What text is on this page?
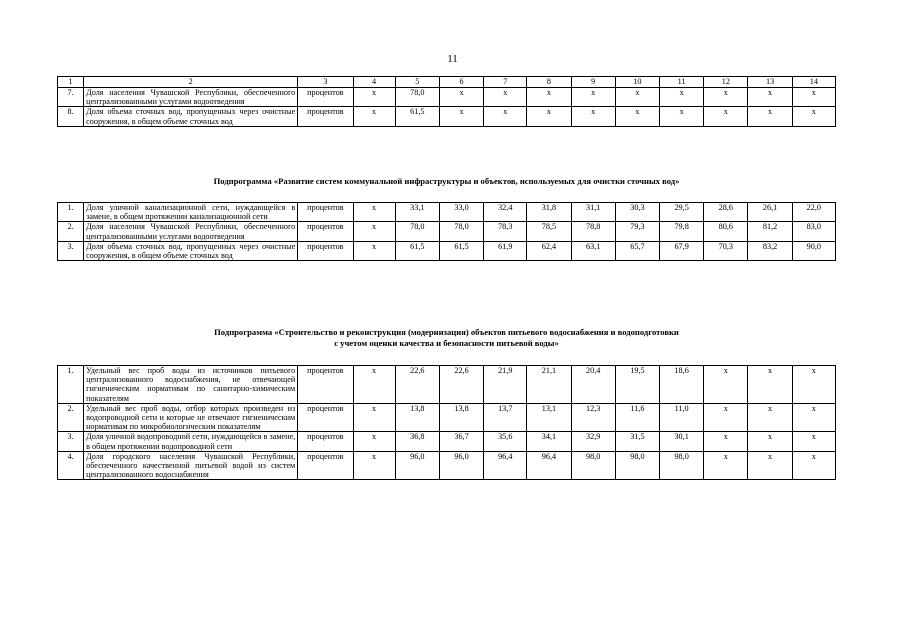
11
1	2	3	4	5	6	7	8	9	10	11	12	13	14
7.	Доля населения Чувашской Республики, обеспеченного централизованными услугами водоотведения	процентов	x	78,0	x	x	x	x	x	x	x	x	x
8.	Доля объема сточных вод, пропущенных через очистные сооружения, в общем объеме сточных вод	процентов	x	61,5	x	x	x	x	x	x	x	x	x
Подпрограмма «Развитие систем коммунальной инфраструктуры и объектов, используемых для очистки сточных вод»
1.	Доля уличной канализационной сети, нуждающейся в замене, в общем протяжении канализационной сети	процентов	x	33,1	33,0	32,4	31,8	31,1	30,3	29,5	28,6	26,1	22,0
2.	Доля населения Чувашской Республики, обеспеченного централизованными услугами водоотведения	процентов	x	78,0	78,0	78,3	78,5	78,8	79,3	79,8	80,6	81,2	83,0
3.	Доля объема сточных вод, пропущенных через очистные сооружения, в общем объеме сточных вод	процентов	x	61,5	61,5	61,9	62,4	63,1	65,7	67,9	70,3	83,2	90,0
Подпрограмма «Строительство и реконструкция (модернизация) объектов питьевого водоснабжения и водоподготовки
с учетом оценки качества и безопасности питьевой воды»
1.	Удельный вес проб воды из источников питьевого централизованного водоснабжения, не отвечающей гигиеническим нормативам по санитарно-химическим показателям	процентов	x	22,6	22,6	21,9	21,1	20,4	19,5	18,6	x	x	x
2.	Удельный вес проб воды, отбор которых произведен из водопроводной сети и которые не отвечают гигиеническим нормативам по микробиологическим показателям	процентов	x	13,8	13,8	13,7	13,1	12,3	11,6	11,0	x	x	x
3.	Доля уличной водопроводной сети, нуждающейся в замене, в общем протяжении водопроводной сети	процентов	x	36,8	36,7	35,6	34,1	32,9	31,5	30,1	x	x	x
4.	Доля городского населения Чувашской Республики, обеспеченного качественной питьевой водой из систем централизованного водоснабжения	процентов	x	96,0	96,0	96,4	96,4	98,0	98,0	98,0	x	x	x
